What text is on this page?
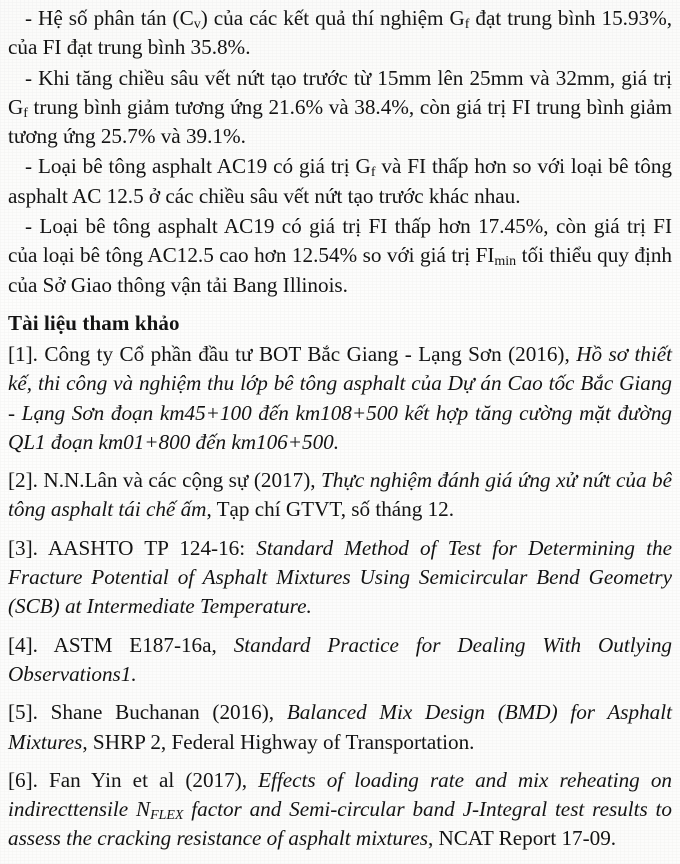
- Hệ số phân tán $(C_v)$ của các kết quả thí nghiệm $G_f$ đạt trung bình 15.93%, của FI đạt trung bình 35.8%.

- Khi tăng chiều sâu vết nứt tạo trước từ 15mm lên 25mm và 32mm, giá trị $G_f$ trung bình giảm tương ứng 21.6% và 38.4%, còn giá trị FI trung bình giảm tương ứng 25.7% và 39.1%.

- Loại bê tông asphalt AC19 có giá trị $G_f$ và FI thấp hơn so với loại bê tông asphalt AC 12.5 ở các chiều sâu vết nứt tạo trước khác nhau.

- Loại bê tông asphalt AC19 có giá trị FI thấp hơn 17.45%, còn giá trị FI của loại bê tông AC12.5 cao hơn 12.54% so với giá trị $FI_{min}$ tối thiểu quy định của Sở Giao thông vận tải Bang Illinois.

Tài liệu tham khảo

[1]. Công ty Cổ phần đầu tư BOT Bắc Giang - Lạng Sơn (2016), Hồ sơ thiết kế, thi công và nghiệm thu lớp bê tông asphalt của Dự án Cao tốc Bắc Giang - Lạng Sơn đoạn km45+100 đến km108+500 kết hợp tăng cường mặt đường QL1 đoạn km01+800 đến km106+500.

[2]. N.N.Lân và các cộng sự (2017), Thực nghiệm đánh giá ứng xử nứt của bê tông asphalt tái chế ấm, Tạp chí GTVT, số tháng 12.

[3]. AASHTO TP 124-16: Standard Method of Test for Determining the Fracture Potential of Asphalt Mixtures Using Semicircular Bend Geometry (SCB) at Intermediate Temperature.

[4]. ASTM E187-16a, Standard Practice for Dealing With Outlying Observations1.

[5]. Shane Buchanan (2016), Balanced Mix Design (BMD) for Asphalt Mixtures, SHRP 2, Federal Highway of Transportation.

[6]. Fan Yin et al (2017), Effects of loading rate and mix reheating on indirecttensile $N_{FLEX}$ factor and Semi-circular band J-Integral test results to assess the cracking resistance of asphalt mixtures, NCAT Report 17-09.
